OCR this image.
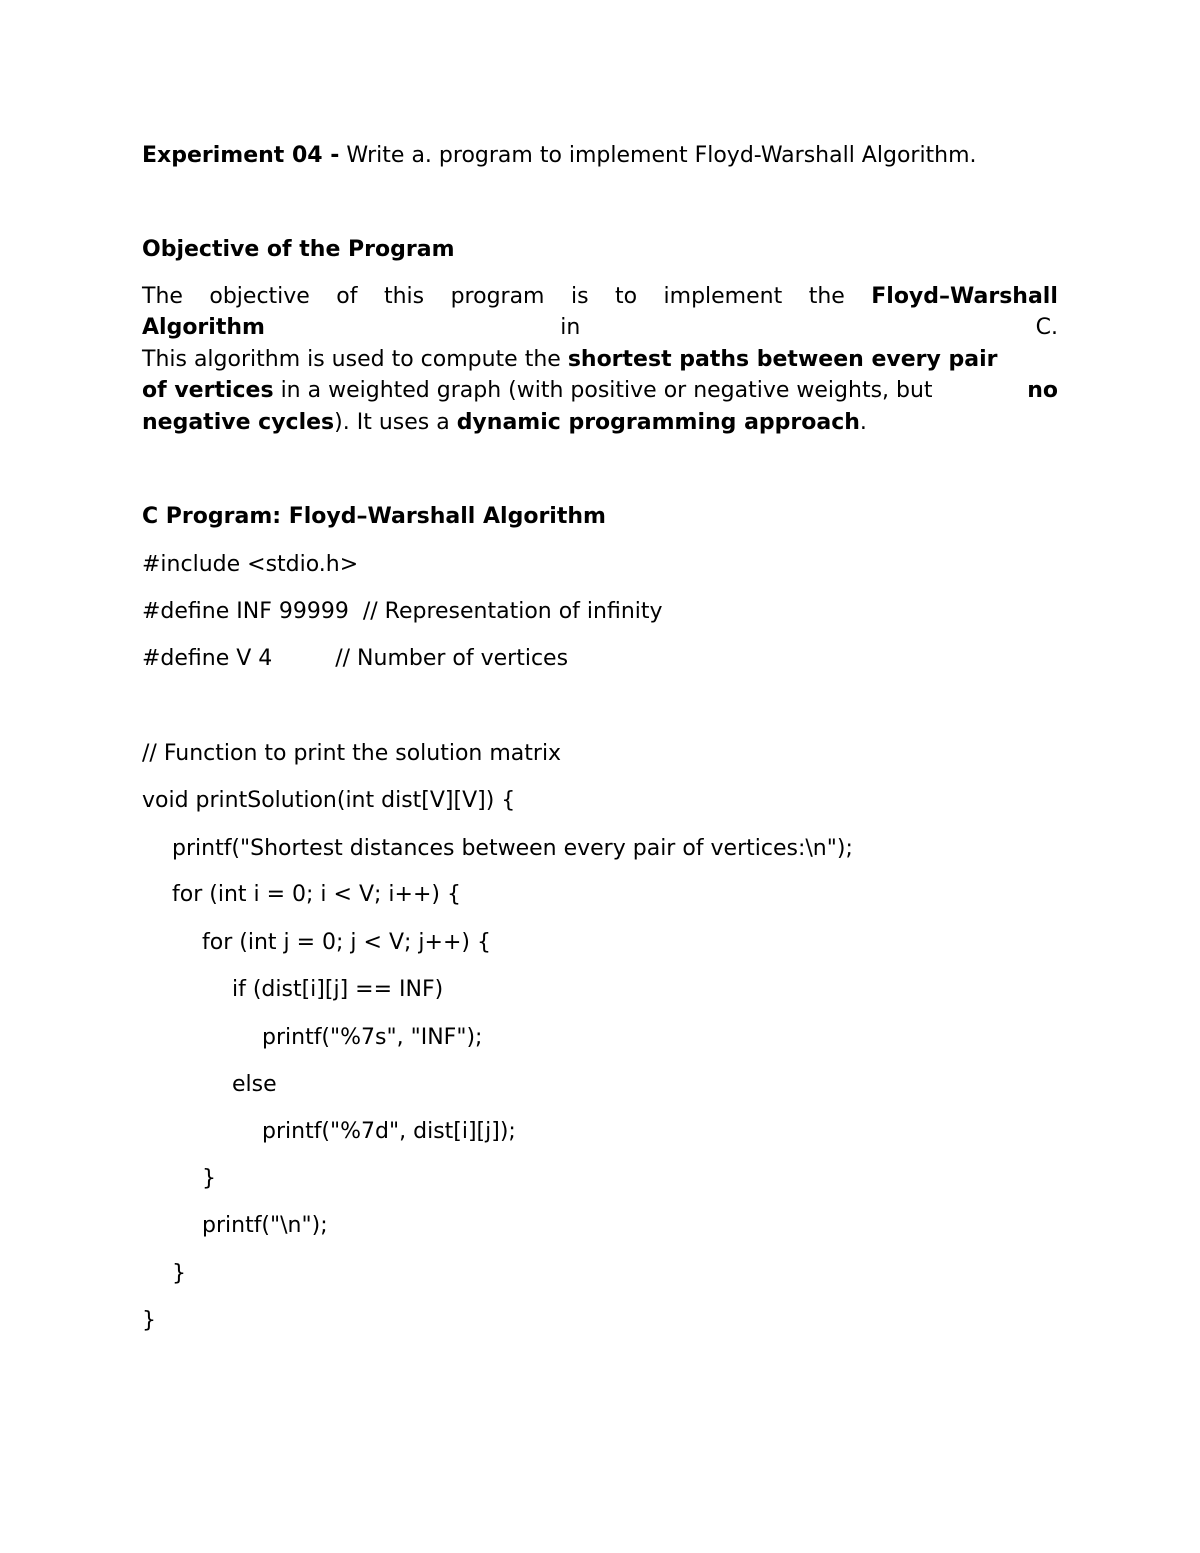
Experiment 04 - Write a. program to implement Floyd-Warshall Algorithm.
Objective of the Program
The objective of this program is to implement the Floyd–Warshall
Algorithm	in	C.
This algorithm is used to compute the shortest paths between every pair
of vertices in a weighted graph (with positive or negative weights, but	no
negative cycles). It uses a dynamic programming approach.
C Program: Floyd–Warshall Algorithm
#include <stdio.h>
#define INF 99999  // Representation of infinity
#define V 4         // Number of vertices
// Function to print the solution matrix
void printSolution(int dist[V][V]) {
printf("Shortest distances between every pair of vertices:\n");
for (int i = 0; i < V; i++) {
for (int j = 0; j < V; j++) {
if (dist[i][j] == INF)
printf("%7s", "INF");
else
printf("%7d", dist[i][j]);
}
printf("\n");
}
}
